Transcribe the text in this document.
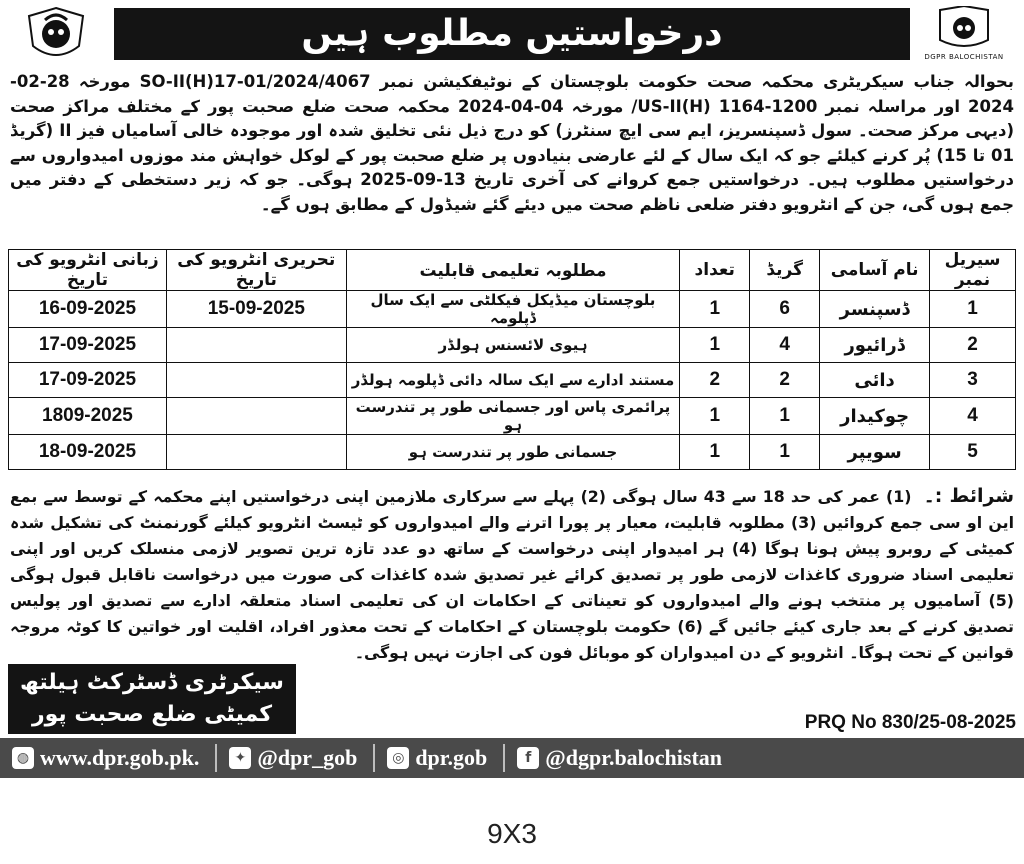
DGPR BALOCHISTAN
درخواستیں مطلوب ہیں
بحوالہ جناب سیکریٹری محکمہ صحت حکومت بلوچستان کے نوٹیفکیشن نمبر SO-II(H)17-01/2024/4067 مورخہ 28-02-2024 اور مراسلہ نمبر US-II(H) 1164-1200/ مورخہ 04-04-2024 محکمہ صحت ضلع صحبت پور کے مختلف مراکز صحت (دیہی مرکز صحت۔ سول ڈسپنسریز، ایم سی ایچ سنٹرز) کو درج ذیل نئی تخلیق شدہ اور موجودہ خالی آسامیاں فیز II (گریڈ 01 تا 15) پُر کرنے کیلئے جو کہ ایک سال کے لئے عارضی بنیادوں پر ضلع صحبت پور کے لوکل خواہش مند موزوں امیدواروں سے درخواستیں مطلوب ہیں۔ درخواستیں جمع کروانے کی آخری تاریخ 13-09-2025 ہوگی۔ جو کہ زیر دستخطی کے دفتر میں جمع ہوں گی، جن کے انٹرویو دفتر ضلعی ناظم صحت میں دیئے گئے شیڈول کے مطابق ہوں گے۔
سیریل نمبر	نام آسامی	گریڈ	تعداد	مطلوبہ تعلیمی قابلیت	تحریری انٹرویو کی تاریخ	زبانی انٹرویو کی تاریخ
1	ڈسپنسر	6	1	بلوچستان میڈیکل فیکلٹی سے ایک سال ڈپلومہ	15-09-2025	16-09-2025
2	ڈرائیور	4	1	ہیوی لائسنس ہولڈر		17-09-2025
3	دائی	2	2	مستند ادارے سے ایک سالہ دائی ڈپلومہ ہولڈر		17-09-2025
4	چوکیدار	1	1	پرائمری پاس اور جسمانی طور پر تندرست ہو		1809-2025
5	سویپر	1	1	جسمانی طور پر تندرست ہو		18-09-2025
شرائط :۔ (1) عمر کی حد 18 سے 43 سال ہوگی (2) پہلے سے سرکاری ملازمین اپنی درخواستیں اپنے محکمہ کے توسط سے بمع این او سی جمع کروائیں (3) مطلوبہ قابلیت، معیار پر پورا اترنے والے امیدواروں کو ٹیسٹ انٹرویو کیلئے گورنمنٹ کی تشکیل شدہ کمیٹی کے روبرو پیش ہونا ہوگا (4) ہر امیدوار اپنی درخواست کے ساتھ دو عدد تازہ ترین تصویر لازمی منسلک کریں اور اپنی تعلیمی اسناد ضروری کاغذات لازمی طور پر تصدیق کرائے غیر تصدیق شدہ کاغذات کی صورت میں درخواست ناقابل قبول ہوگی (5) آسامیوں پر منتخب ہونے والے امیدواروں کو تعیناتی کے احکامات ان کی تعلیمی اسناد متعلقہ ادارے سے تصدیق اور پولیس تصدیق کرنے کے بعد جاری کیئے جائیں گے (6) حکومت بلوچستان کے احکامات کے تحت معذور افراد، اقلیت اور خواتین کا کوٹہ مروجہ قوانین کے تحت ہوگا۔ انٹرویو کے دن امیدواران کو موبائل فون کی اجازت نہیں ہوگی۔
سیکرٹری ڈسٹرکٹ ہیلتھ
کمیٹی ضلع صحبت پور	PRQ No 830/25-08-2025
◍ www.dpr.gob.pk.	✦ @dpr_gob	◎ dpr.gob	f @dgpr.balochistan
9X3
